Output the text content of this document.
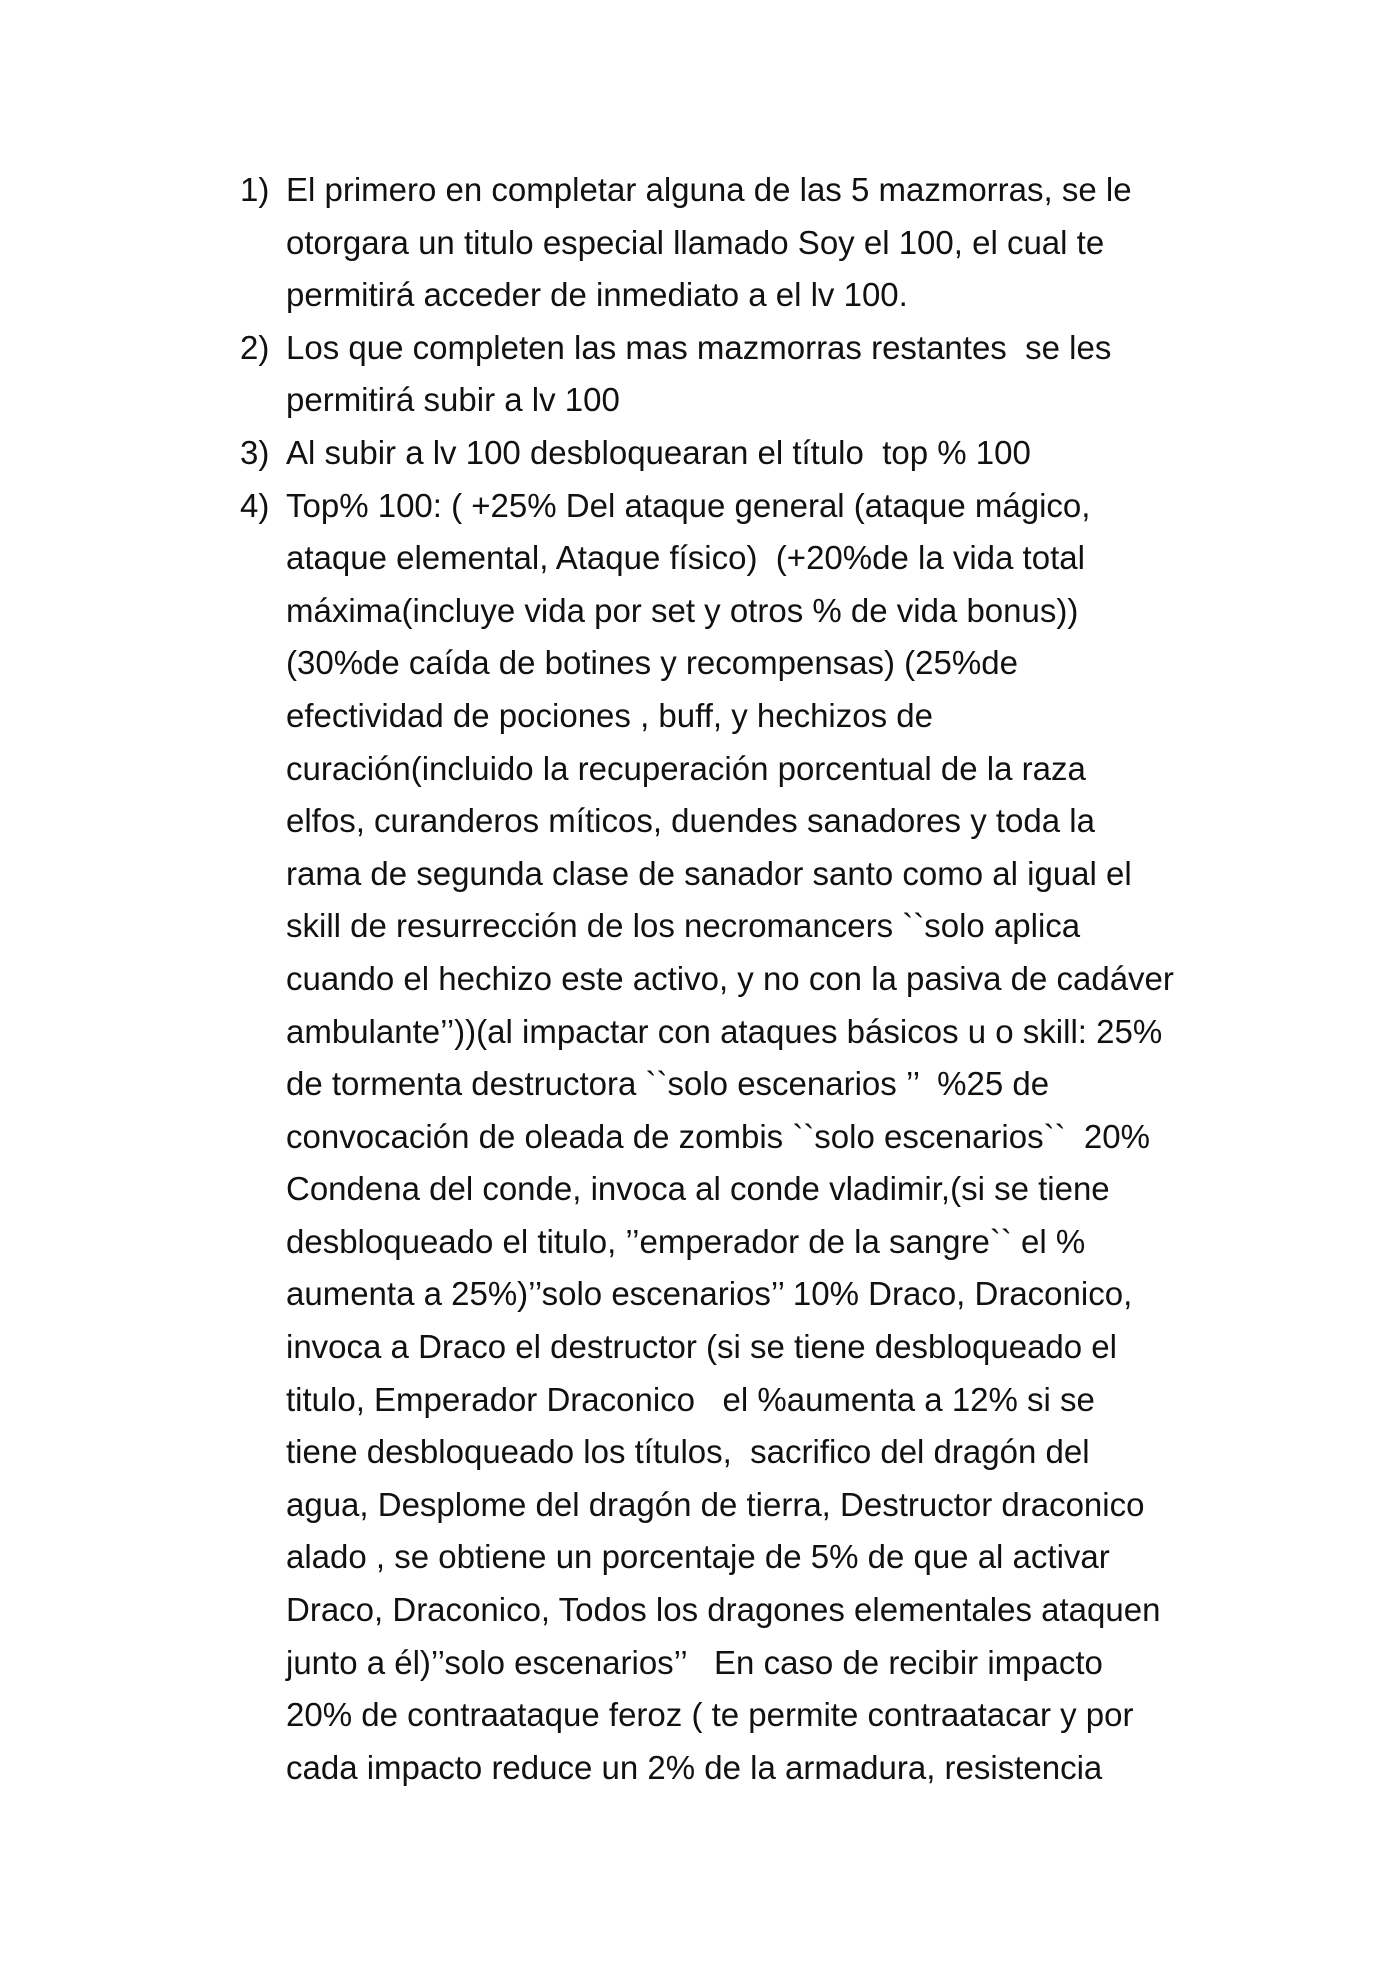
1) El primero en completar alguna de las 5 mazmorras, se le
otorgara un titulo especial llamado Soy el 100, el cual te
permitirá acceder de inmediato a el lv 100.
2) Los que completen las mas mazmorras restantes  se les
permitirá subir a lv 100
3) Al subir a lv 100 desbloquearan el título  top % 100
4) Top% 100: ( +25% Del ataque general (ataque mágico,
ataque elemental, Ataque físico)  (+20%de la vida total
máxima(incluye vida por set y otros % de vida bonus))
(30%de caída de botines y recompensas) (25%de
efectividad de pociones , buff, y hechizos de
curación(incluido la recuperación porcentual de la raza
elfos, curanderos míticos, duendes sanadores y toda la
rama de segunda clase de sanador santo como al igual el
skill de resurrección de los necromancers ``solo aplica
cuando el hechizo este activo, y no con la pasiva de cadáver
ambulante’’))(al impactar con ataques básicos u o skill: 25%
de tormenta destructora ``solo escenarios ’’  %25 de
convocación de oleada de zombis ``solo escenarios``  20%
Condena del conde, invoca al conde vladimir,(si se tiene
desbloqueado el titulo, ’’emperador de la sangre`` el %
aumenta a 25%)’’solo escenarios’’ 10% Draco, Draconico,
invoca a Draco el destructor (si se tiene desbloqueado el
titulo, Emperador Draconico   el %aumenta a 12% si se
tiene desbloqueado los títulos,  sacrifico del dragón del
agua, Desplome del dragón de tierra, Destructor draconico
alado , se obtiene un porcentaje de 5% de que al activar
Draco, Draconico, Todos los dragones elementales ataquen
junto a él)’’solo escenarios’’   En caso de recibir impacto
20% de contraataque feroz ( te permite contraatacar y por
cada impacto reduce un 2% de la armadura, resistencia
